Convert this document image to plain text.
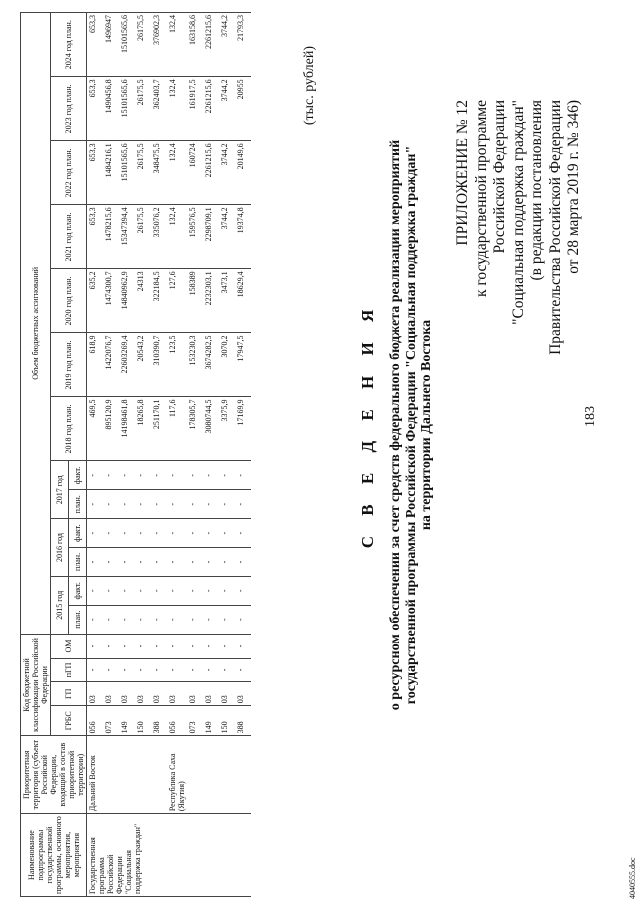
183
ПРИЛОЖЕНИЕ № 12 к государственной программе Российской Федерации "Социальная поддержка граждан" (в редакции постановления Правительства Российской Федерации от 28 марта 2019 г. № 346)
С В Е Д Е Н И Я о ресурсном обеспечении за счет средств федерального бюджета реализации мероприятий государственной программы Российской Федерации "Социальная поддержка граждан" на территории Дальнего Востока
(тыс. рублей)
Наименование подпрограммы государственной программы, основного мероприятия, мероприятия	Приоритетная территория (субъект Российской Федерации, входящий в состав приоритетной территории)	Код бюджетной классификации Российской Федерации				Объем бюджетных ассигнований												
		ГРБС	ГП	пГП	ОМ	2015 год		2016 год		2017 год		2018 год план.	2019 год план.	2020 год план.	2021 год план.	2022 год план.	2023 год план.	2024 год план.
						план.	факт.	план.	факт.	план.	факт.							

Государственная программа Российской Федерации "Социальная поддержка граждан"	Дальний Восток	056	03	-	-	-	-	-	-	-	-	469,5	618,9	635,2	653,3	653,3	653,3	653,3
		073	03	-	-	-	-	-	-	-	-	895120,9	1422076,7	1474300,7	1478215,6	1484216,1	1490456,8	1496947
		149	03	-	-	-	-	-	-	-	-	14198461,8	22603269,4	14840962,9	15347394,4	15101565,6	15101565,6	15101565,6
		150	03	-	-	-	-	-	-	-	-	18265,8	20543,2	24313	26175,5	26175,5	26175,5	26175,5
		388	03	-	-	-	-	-	-	-	-	251170,1	310390,7	322184,5	335076,2	348475,5	362403,7	376902,3
	Республика Саха (Якутия)	056	03	-	-	-	-	-	-	-	-	117,6	123,5	127,6	132,4	132,4	132,4	132,4
		073	03	-	-	-	-	-	-	-	-	178305,7	153230,3	158389	159576,5	160724	161917,5	163158,6
		149	03	-	-	-	-	-	-	-	-	3080744,5	3674282,5	2232303,1	2298709,1	2261215,6	2261215,6	2261215,6
		150	03	-	-	-	-	-	-	-	-	3375,9	3070,2	3473,1	3744,2	3744,2	3744,2	3744,2
		388	03	-	-	-	-	-	-	-	-	17169,9	17947,5	18629,4	19374,8	20149,6	20955	21793,3
4040555.doc
